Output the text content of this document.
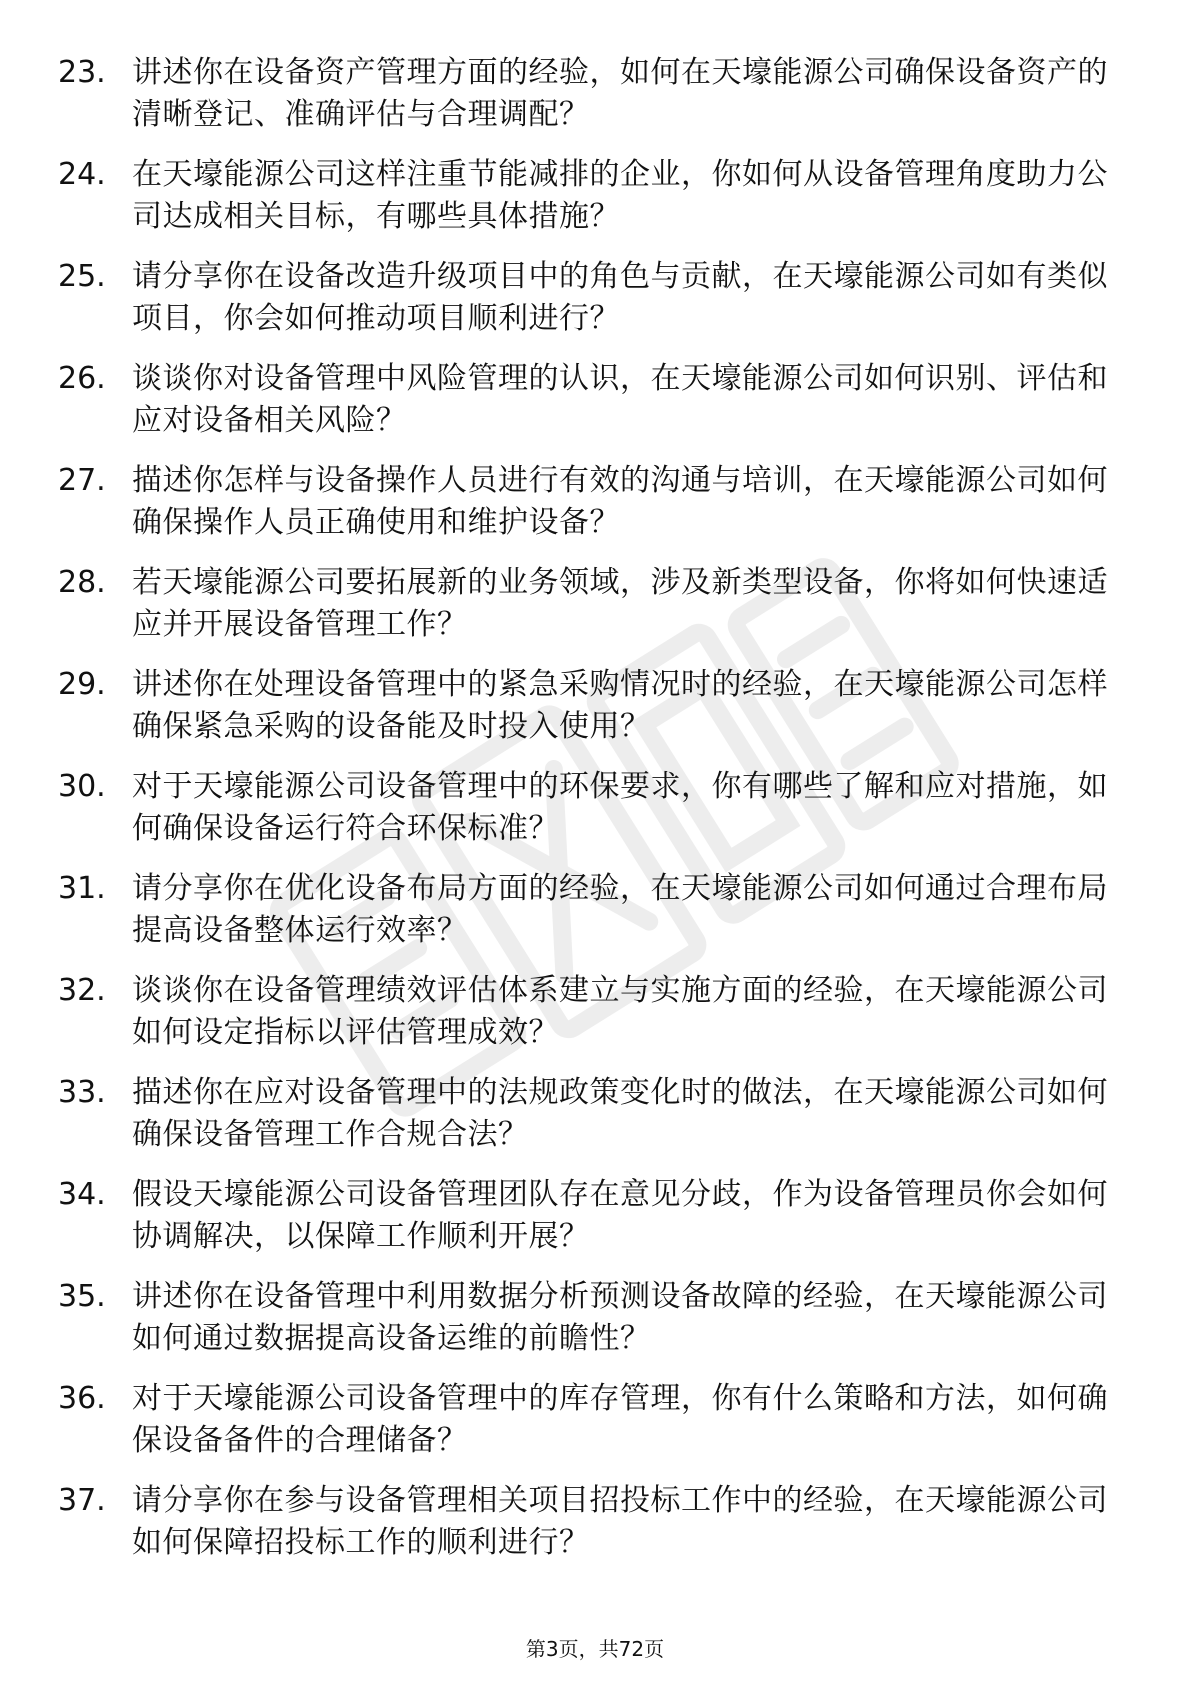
23. 讲述你在设备资产管理方面的经验，如何在天壕能源公司确保设备资产的清晰登记、准确评估与合理调配？
24. 在天壕能源公司这样注重节能减排的企业，你如何从设备管理角度助力公司达成相关目标，有哪些具体措施？
25. 请分享你在设备改造升级项目中的角色与贡献，在天壕能源公司如有类似项目，你会如何推动项目顺利进行？
26. 谈谈你对设备管理中风险管理的认识，在天壕能源公司如何识别、评估和应对设备相关风险？
27. 描述你怎样与设备操作人员进行有效的沟通与培训，在天壕能源公司如何确保操作人员正确使用和维护设备？
28. 若天壕能源公司要拓展新的业务领域，涉及新类型设备，你将如何快速适应并开展设备管理工作？
29. 讲述你在处理设备管理中的紧急采购情况时的经验，在天壕能源公司怎样确保紧急采购的设备能及时投入使用？
30. 对于天壕能源公司设备管理中的环保要求，你有哪些了解和应对措施，如何确保设备运行符合环保标准？
31. 请分享你在优化设备布局方面的经验，在天壕能源公司如何通过合理布局提高设备整体运行效率？
32. 谈谈你在设备管理绩效评估体系建立与实施方面的经验，在天壕能源公司如何设定指标以评估管理成效？
33. 描述你在应对设备管理中的法规政策变化时的做法，在天壕能源公司如何确保设备管理工作合规合法？
34. 假设天壕能源公司设备管理团队存在意见分歧，作为设备管理员你会如何协调解决，以保障工作顺利开展？
35. 讲述你在设备管理中利用数据分析预测设备故障的经验，在天壕能源公司如何通过数据提高设备运维的前瞻性？
36. 对于天壕能源公司设备管理中的库存管理，你有什么策略和方法，如何确保设备备件的合理储备？
37. 请分享你在参与设备管理相关项目招投标工作中的经验，在天壕能源公司如何保障招投标工作的顺利进行？
第3页，共72页
